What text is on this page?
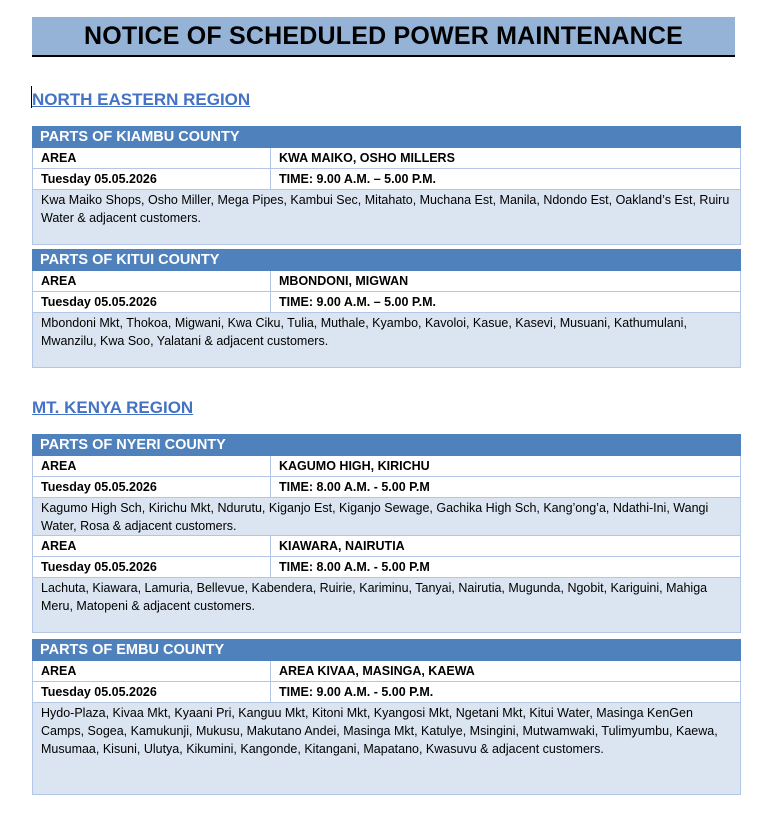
NOTICE OF SCHEDULED POWER MAINTENANCE
NORTH EASTERN REGION
PARTS OF KIAMBU COUNTY
AREA	KWA MAIKO, OSHO MILLERS
Tuesday 05.05.2026	TIME: 9.00 A.M. – 5.00 P.M.
Kwa Maiko Shops, Osho Miller, Mega Pipes, Kambui Sec, Mitahato, Muchana Est, Manila, Ndondo Est, Oakland’s Est, Ruiru Water & adjacent customers.
PARTS OF KITUI COUNTY
AREA	MBONDONI, MIGWAN
Tuesday 05.05.2026	TIME: 9.00 A.M. – 5.00 P.M.
Mbondoni Mkt, Thokoa, Migwani, Kwa Ciku, Tulia, Muthale, Kyambo, Kavoloi, Kasue, Kasevi, Musuani, Kathumulani, Mwanzilu, Kwa Soo, Yalatani & adjacent customers.
MT. KENYA REGION
PARTS OF NYERI COUNTY
AREA	KAGUMO HIGH, KIRICHU
Tuesday 05.05.2026	TIME: 8.00 A.M. - 5.00 P.M
Kagumo High Sch, Kirichu Mkt, Ndurutu, Kiganjo Est, Kiganjo Sewage, Gachika High Sch, Kang’ong’a, Ndathi-Ini, Wangi Water, Rosa & adjacent customers.
AREA	KIAWARA, NAIRUTIA
Tuesday 05.05.2026	TIME: 8.00 A.M. - 5.00 P.M
Lachuta, Kiawara, Lamuria, Bellevue, Kabendera, Ruirie, Kariminu, Tanyai, Nairutia, Mugunda, Ngobit, Kariguini, Mahiga Meru, Matopeni & adjacent customers.
PARTS OF EMBU COUNTY
AREA	AREA KIVAA, MASINGA, KAEWA
Tuesday 05.05.2026	TIME: 9.00 A.M. - 5.00 P.M.
Hydo-Plaza, Kivaa Mkt, Kyaani Pri, Kanguu Mkt, Kitoni Mkt, Kyangosi Mkt, Ngetani Mkt, Kitui Water, Masinga KenGen Camps, Sogea, Kamukunji, Mukusu, Makutano Andei, Masinga Mkt, Katulye, Msingini, Mutwamwaki, Tulimyumbu, Kaewa, Musumaa, Kisuni, Ulutya, Kikumini, Kangonde, Kitangani, Mapatano, Kwasuvu & adjacent customers.
